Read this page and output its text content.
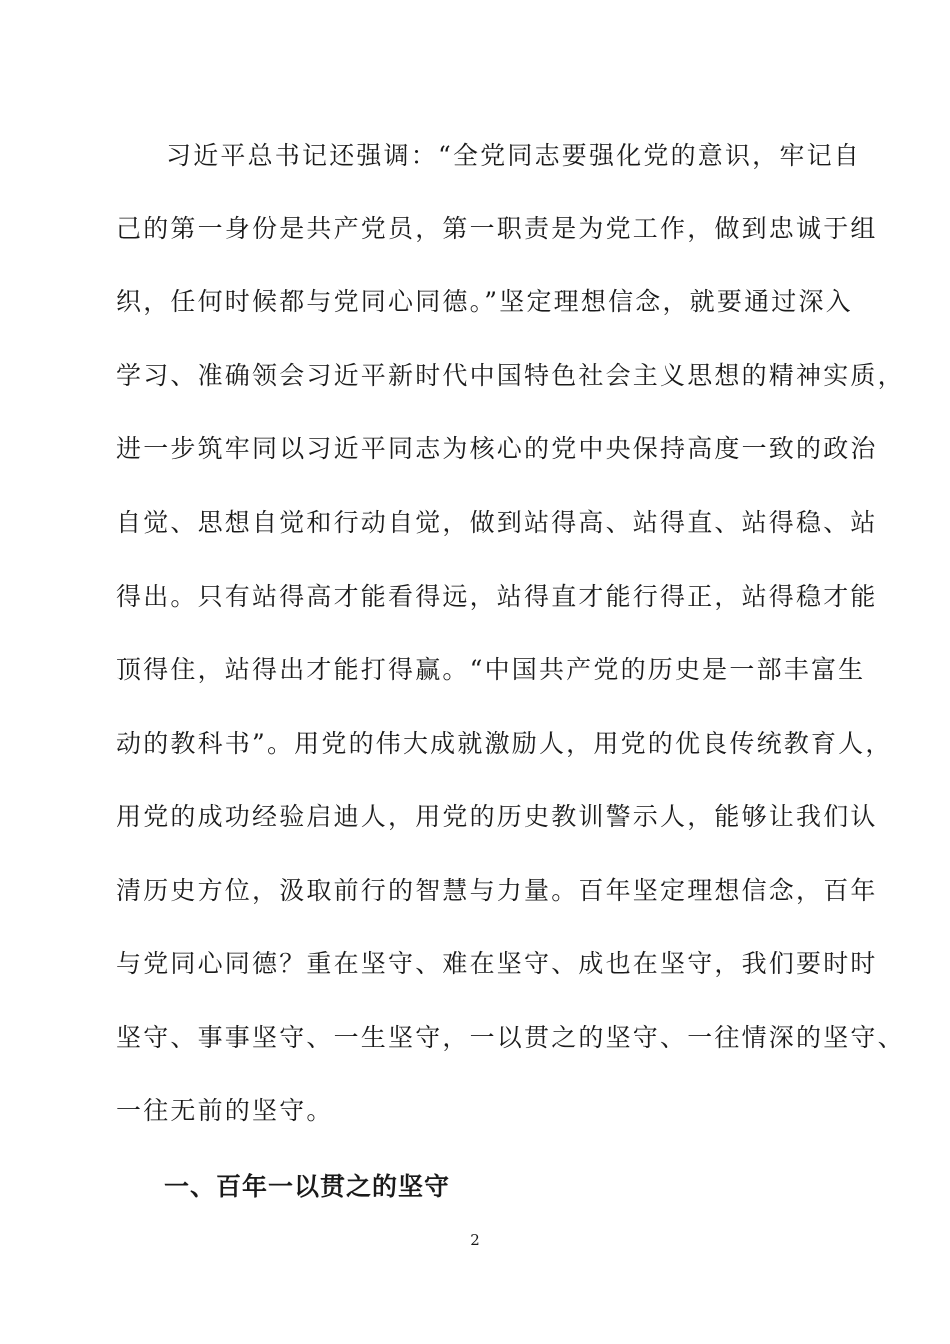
习近平总书记还强调：“全党同志要强化党的意识，牢记自
己的第一身份是共产党员，第一职责是为党工作，做到忠诚于组
织，任何时候都与党同心同德。”坚定理想信念，就要通过深入
学习、准确领会习近平新时代中国特色社会主义思想的精神实质，
进一步筑牢同以习近平同志为核心的党中央保持高度一致的政治
自觉、思想自觉和行动自觉，做到站得高、站得直、站得稳、站
得出。只有站得高才能看得远，站得直才能行得正，站得稳才能
顶得住，站得出才能打得赢。“中国共产党的历史是一部丰富生
动的教科书”。用党的伟大成就激励人，用党的优良传统教育人，
用党的成功经验启迪人，用党的历史教训警示人，能够让我们认
清历史方位，汲取前行的智慧与力量。百年坚定理想信念，百年
与党同心同德？重在坚守、难在坚守、成也在坚守，我们要时时
坚守、事事坚守、一生坚守，一以贯之的坚守、一往情深的坚守、
一往无前的坚守。
一、百年一以贯之的坚守
2
